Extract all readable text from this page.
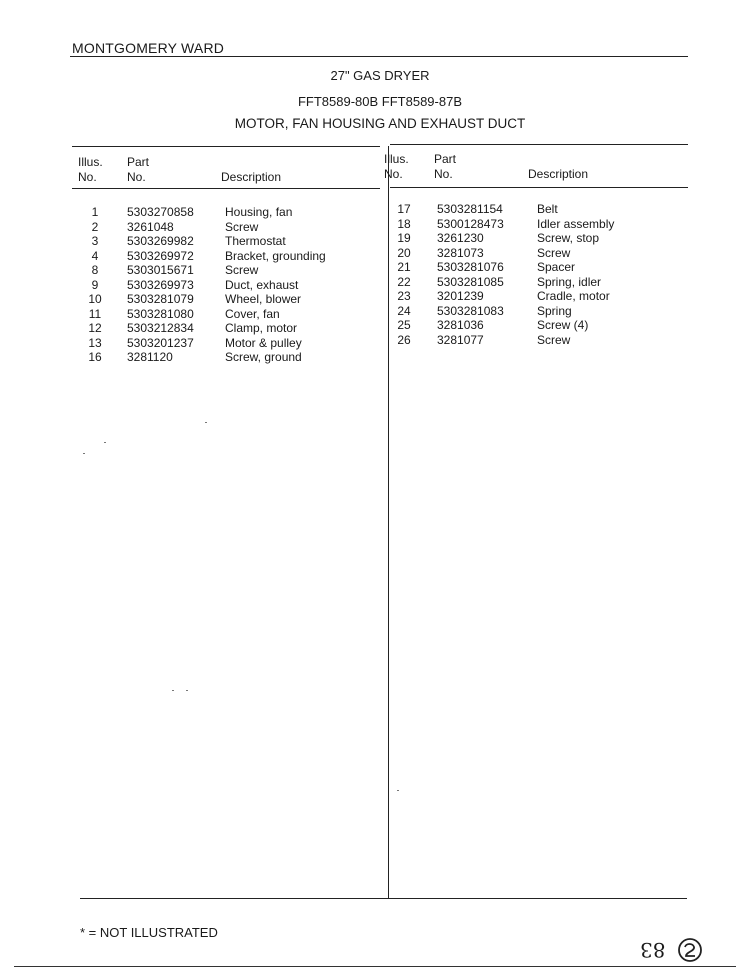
MONTGOMERY WARD
27" GAS DRYER
FFT8589-80B FFT8589-87B
MOTOR, FAN HOUSING AND EXHAUST DUCT
Illus.
No.
Part
No.	Description
Illus.
No.
Part
No.	Description
1	5303270858	Housing, fan
2	3261048	Screw
3	5303269982	Thermostat
4	5303269972	Bracket, grounding
8	5303015671	Screw
9	5303269973	Duct, exhaust
10	5303281079	Wheel, blower
11	5303281080	Cover, fan
12	5303212834	Clamp, motor
13	5303201237	Motor & pulley
16	3281120	Screw, ground
17	5303281154	Belt
18	5300128473	Idler assembly
19	3261230	Screw, stop
20	3281073	Screw
21	5303281076	Spacer
22	5303281085	Spring, idler
23	3201239	Cradle, motor
24	5303281083	Spring
25	3281036	Screw (4)
26	3281077	Screw
* = NOT ILLUSTRATED
83
